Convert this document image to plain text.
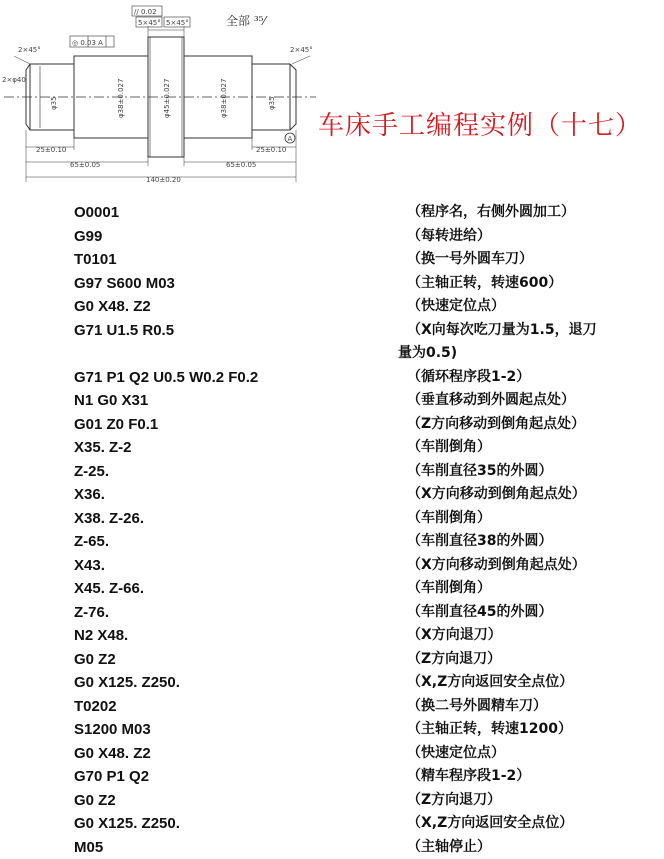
// 0.02
5×45° 5×45°
2×45°	2×45°
◎ 0.03 A
2×φ40
25±0.10
65±0.05	65±0.05
25±0.10
140±0.20
φ38±0.027	φ45±0.027	φ38±0.027
φ35	φ35
A
全部 ³⁵⁄
车床手工编程实例（十七）
O0001	（程序名，右侧外圆加工）
G99	（每转进给）
T0101	（换一号外圆车刀）
G97 S600 M03	（主轴正转，转速600）
G0 X48. Z2	（快速定位点）
G71 U1.5 R0.5	（X向每次吃刀量为1.5，退刀
量为0.5)
G71 P1 Q2 U0.5 W0.2 F0.2	（循环程序段1-2）
N1 G0 X31	（垂直移动到外圆起点处）
G01 Z0 F0.1	（Z方向移动到倒角起点处）
X35. Z-2	（车削倒角）
Z-25.	（车削直径35的外圆）
X36.	（X方向移动到倒角起点处）
X38. Z-26.	（车削倒角）
Z-65.	（车削直径38的外圆）
X43.	（X方向移动到倒角起点处）
X45. Z-66.	（车削倒角）
Z-76.	（车削直径45的外圆）
N2 X48.	（X方向退刀）
G0 Z2	（Z方向退刀）
G0 X125. Z250.	（X,Z方向返回安全点位）
T0202	（换二号外圆精车刀）
S1200 M03	（主轴正转，转速1200）
G0 X48. Z2	（快速定位点）
G70 P1 Q2	（精车程序段1-2）
G0 Z2	（Z方向退刀）
G0 X125. Z250.	（X,Z方向返回安全点位）
M05	（主轴停止）
